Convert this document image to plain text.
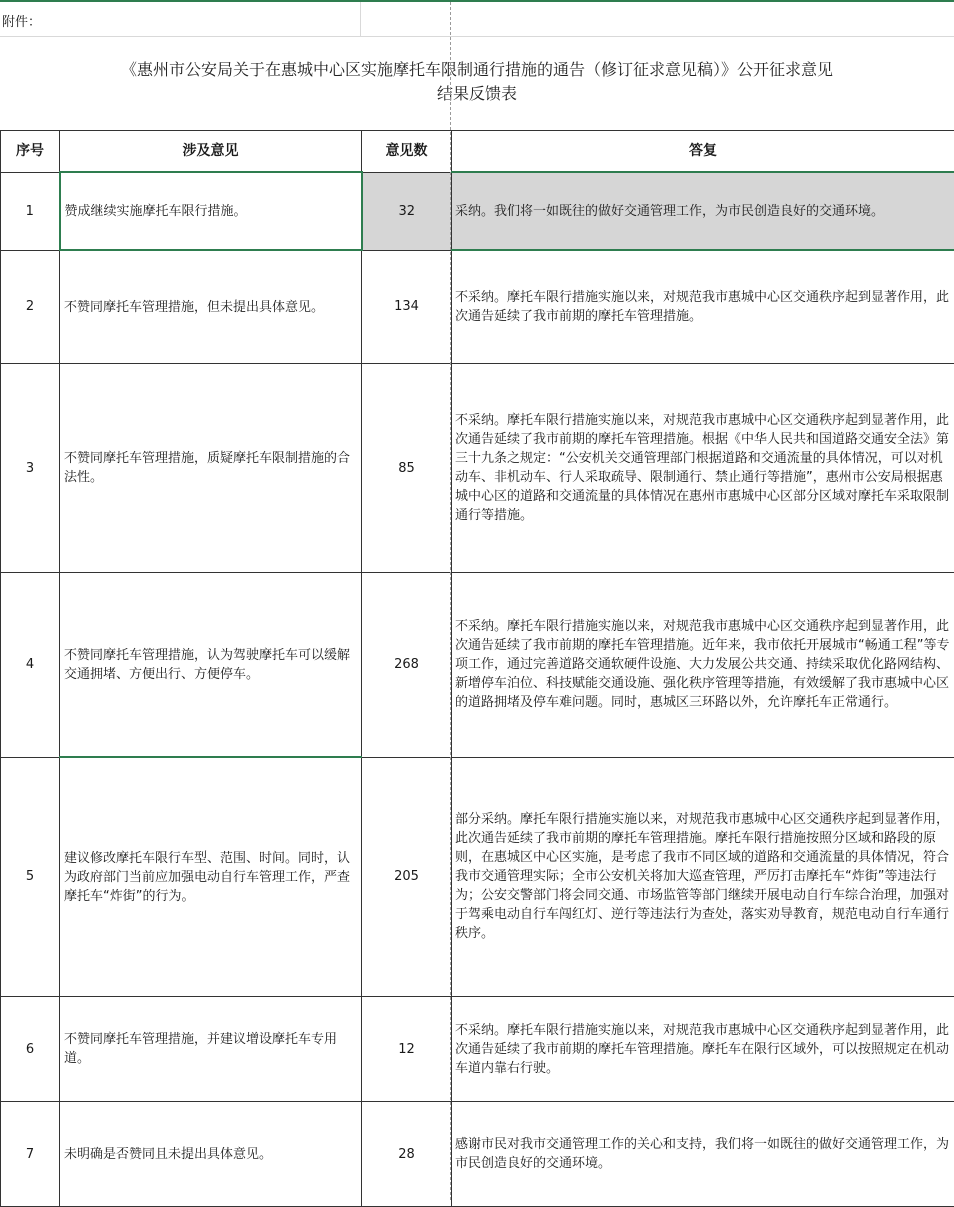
附件：
《惠州市公安局关于在惠城中心区实施摩托车限制通行措施的通告（修订征求意见稿）》公开征求意见
结果反馈表
序号	涉及意见	意见数	答复
1	赞成继续实施摩托车限行措施。	32	采纳。我们将一如既往的做好交通管理工作，为市民创造良好的交通环境。
2	不赞同摩托车管理措施，但未提出具体意见。	134	不采纳。摩托车限行措施实施以来，对规范我市惠城中心区交通秩序起到显著作用，此次通告延续了我市前期的摩托车管理措施。
3	不赞同摩托车管理措施，质疑摩托车限制措施的合法性。	85	不采纳。摩托车限行措施实施以来，对规范我市惠城中心区交通秩序起到显著作用，此次通告延续了我市前期的摩托车管理措施。根据《中华人民共和国道路交通安全法》第三十九条之规定：“公安机关交通管理部门根据道路和交通流量的具体情况，可以对机动车、非机动车、行人采取疏导、限制通行、禁止通行等措施”，惠州市公安局根据惠城中心区的道路和交通流量的具体情况在惠州市惠城中心区部分区域对摩托车采取限制通行等措施。
4	不赞同摩托车管理措施，认为驾驶摩托车可以缓解交通拥堵、方便出行、方便停车。	268	不采纳。摩托车限行措施实施以来，对规范我市惠城中心区交通秩序起到显著作用，此次通告延续了我市前期的摩托车管理措施。近年来，我市依托开展城市“畅通工程”等专项工作，通过完善道路交通软硬件设施、大力发展公共交通、持续采取优化路网结构、新增停车泊位、科技赋能交通设施、强化秩序管理等措施，有效缓解了我市惠城中心区的道路拥堵及停车难问题。同时，惠城区三环路以外，允许摩托车正常通行。
5	建议修改摩托车限行车型、范围、时间。同时，认为政府部门当前应加强电动自行车管理工作，严查摩托车“炸街”的行为。	205	部分采纳。摩托车限行措施实施以来，对规范我市惠城中心区交通秩序起到显著作用，此次通告延续了我市前期的摩托车管理措施。摩托车限行措施按照分区域和路段的原则，在惠城区中心区实施，是考虑了我市不同区域的道路和交通流量的具体情况，符合我市交通管理实际；全市公安机关将加大巡查管理，严厉打击摩托车“炸街”等违法行为；公安交警部门将会同交通、市场监管等部门继续开展电动自行车综合治理，加强对于驾乘电动自行车闯红灯、逆行等违法行为查处，落实劝导教育，规范电动自行车通行秩序。
6	不赞同摩托车管理措施，并建议增设摩托车专用道。	12	不采纳。摩托车限行措施实施以来，对规范我市惠城中心区交通秩序起到显著作用，此次通告延续了我市前期的摩托车管理措施。摩托车在限行区域外，可以按照规定在机动车道内靠右行驶。
7	未明确是否赞同且未提出具体意见。	28	感谢市民对我市交通管理工作的关心和支持，我们将一如既往的做好交通管理工作，为市民创造良好的交通环境。
